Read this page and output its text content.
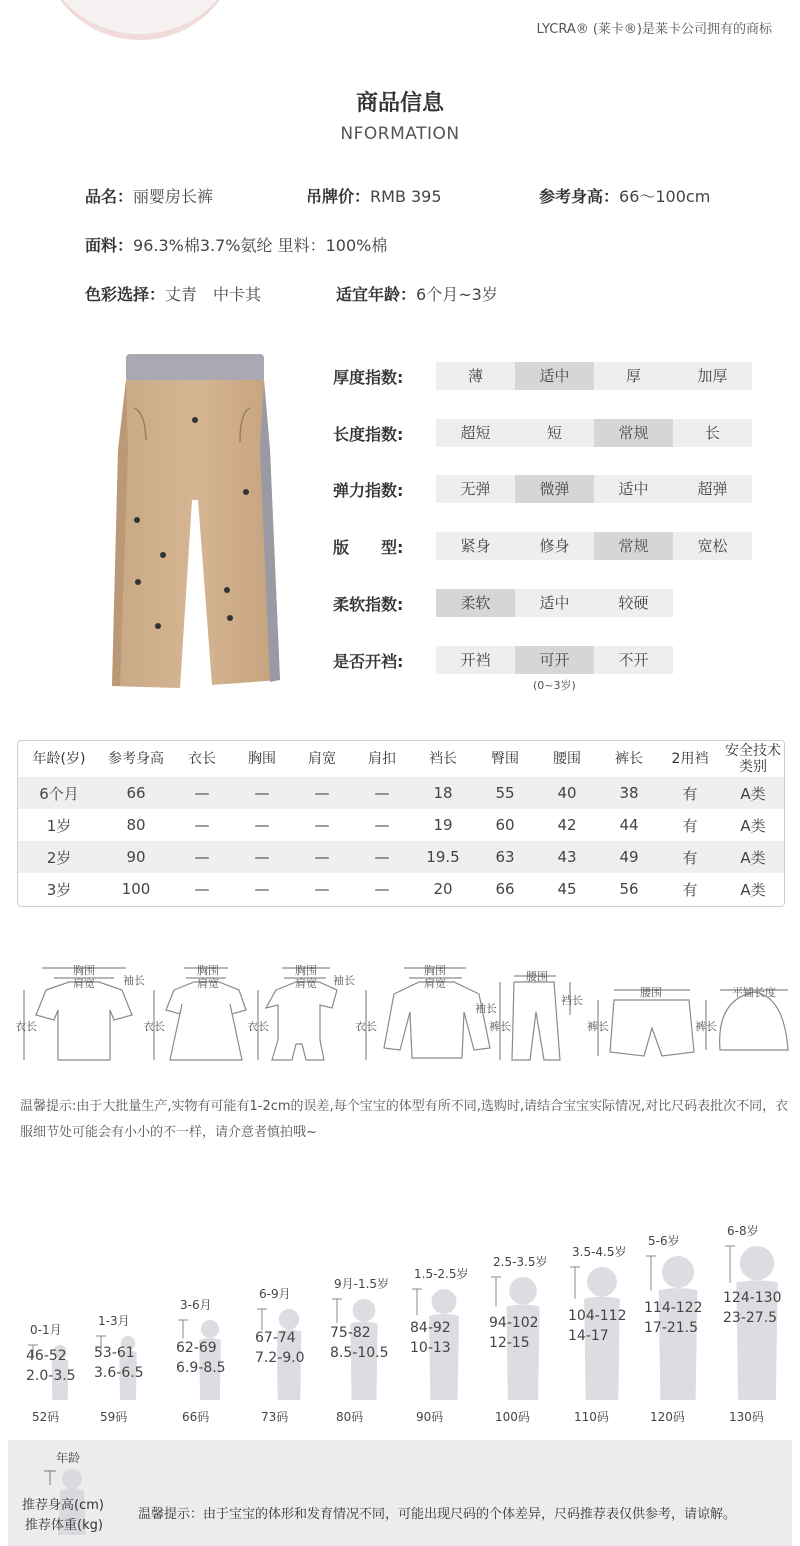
LYCRA® (莱卡®)是莱卡公司拥有的商标
商品信息
NFORMATION
品名：丽婴房长裤	吊牌价：RMB 395	参考身高：66～100cm
面料：96.3%棉3.7%氨纶 里料：100%棉
色彩选择：丈青　中卡其	适宜年龄：6个月~3岁
厚度指数:	薄	适中	厚	加厚
长度指数:	超短	短	常规	长
弹力指数:	无弹	微弹	适中	超弹
版　　型:	紧身	修身	常规	宽松
柔软指数:	柔软	适中	较硬
是否开裆:	开裆	可开	不开
(0~3岁)
年龄(岁)	参考身高	衣长	胸围	肩宽	肩扣	裆长	臀围	腰围	裤长	2用裆	安全技术类别
6个月	66	—	—	—	—	18	55	40	38	有	A类
1岁	80	—	—	—	—	19	60	42	44	有	A类
2岁	90	—	—	—	—	19.5	63	43	49	有	A类
3岁	100	—	—	—	—	20	66	45	56	有	A类
胸围
肩宽
胸围
肩宽
胸围
肩宽
胸围
肩宽
腰围
腰围	平铺长度
袖长	袖长
袖长
衣长	衣长	衣长	衣长	裤长
裆长
裤长	裤长
温馨提示:由于大批量生产,实物有可能有1-2cm的误差,每个宝宝的体型有所不同,选购时,请结合宝宝实际情况,对比尺码表批次不同，衣服细节处可能会有小小的不一样，请介意者慎拍哦~
0-1月
46-52
2.0-3.5
52码
1-3月
53-61
3.6-6.5
59码
3-6月
62-69
6.9-8.5
66码
6-9月
67-74
7.2-9.0
73码
9月-1.5岁
75-82
8.5-10.5
80码
1.5-2.5岁
84-92
10-13
90码
2.5-3.5岁
94-102
12-15
100码
3.5-4.5岁
104-112
14-17
110码
5-6岁
114-122
17-21.5
120码
6-8岁
124-130
23-27.5
130码
年龄
推荐身高(cm)
推荐体重(kg)
温馨提示：由于宝宝的体形和发育情况不同，可能出现尺码的个体差异，尺码推荐表仅供参考，请谅解。
